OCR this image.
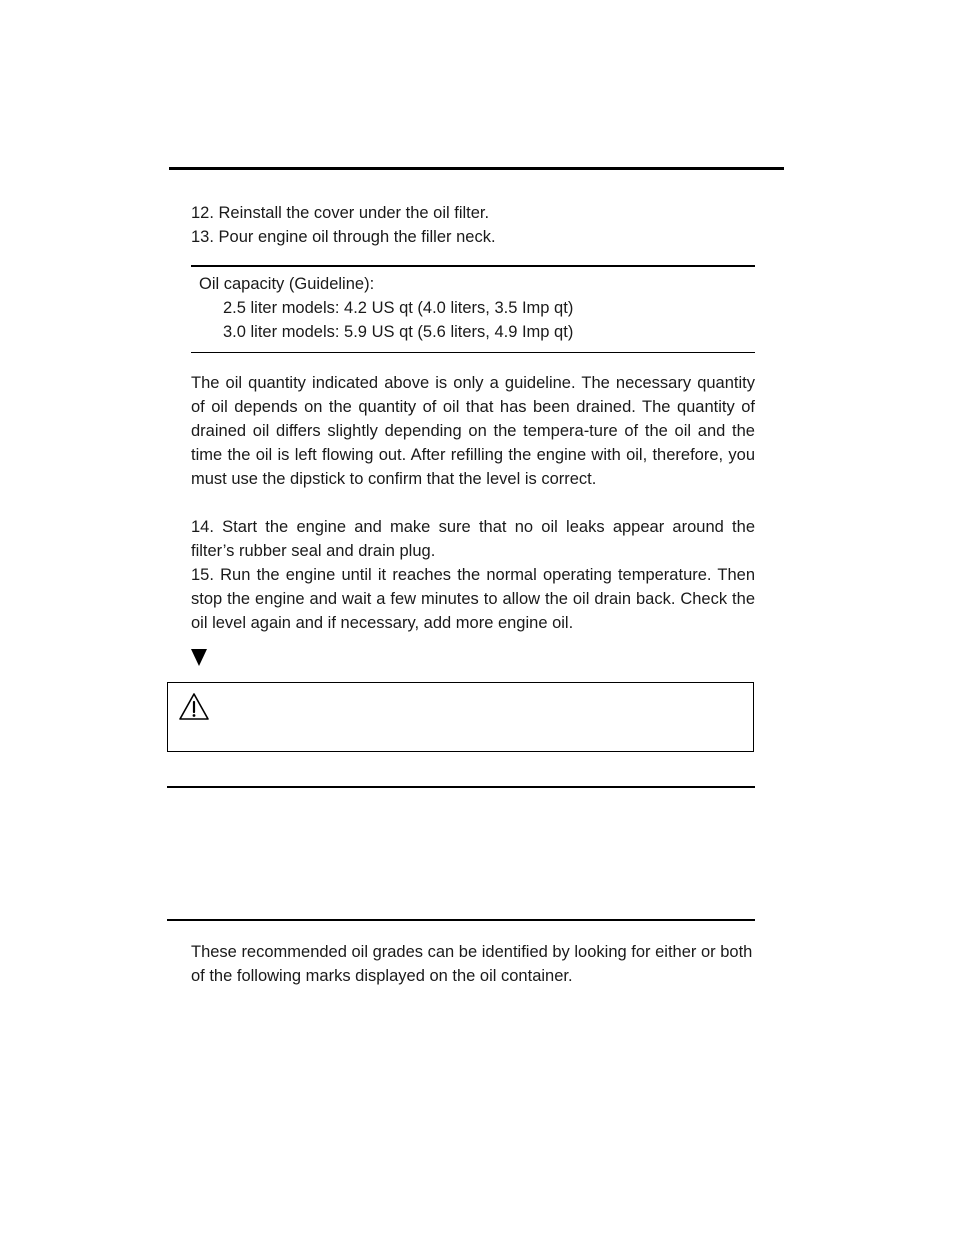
12. Reinstall the cover under the oil filter.
13. Pour engine oil through the filler neck.
Oil capacity (Guideline):
2.5 liter models: 4.2 US qt (4.0 liters, 3.5 Imp qt)
3.0 liter models: 5.9 US qt (5.6 liters, 4.9 Imp qt)
The oil quantity indicated above is only a guideline. The necessary quantity of oil depends on the quantity of oil that has been drained. The quantity of drained oil differs slightly depending on the tempera-ture of the oil and the time the oil is left flowing out. After refilling the engine with oil, therefore, you must use the dipstick to confirm that the level is correct.
14. Start the engine and make sure that no oil leaks appear around the filter’s rubber seal and drain plug.
15. Run the engine until it reaches the normal operating temperature. Then stop the engine and wait a few minutes to allow the oil drain back. Check the oil level again and if necessary, add more engine oil.
These recommended oil grades can be identified by looking for either or both of the following marks displayed on the oil container.
